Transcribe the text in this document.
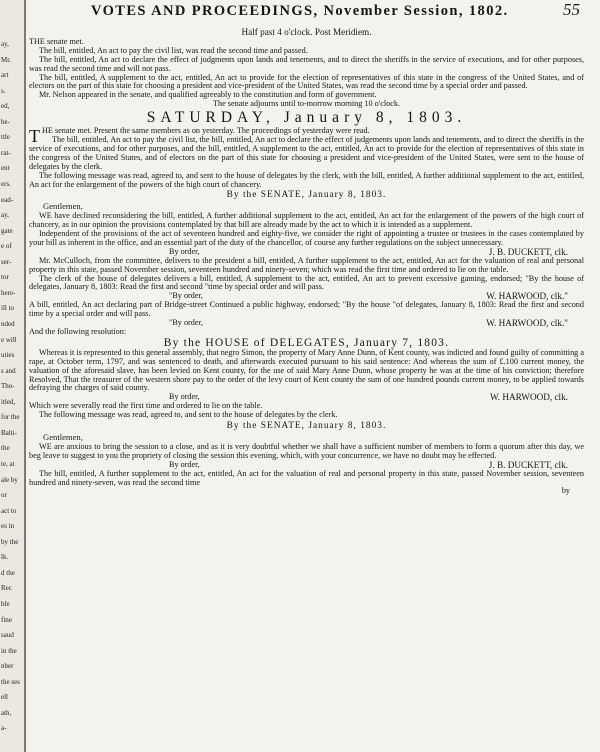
ay,
Mr.
art
s.
ed,
be-
ttle
rat-
ent
ers.
ead-
ay,
gate
e of
ser-
tor
here-
ill to
nded
e will
uties
s and
Tho-
itled,
for the
Balti-
the
te, at
ale by
or
act to
es in
by the
lk.
d the
Rec
ble
fine
saud
in the
nber
the ses
ell
ath,
a-
VOTES AND PROCEEDINGS, November Session, 1802.	55
Half past 4 o'clock. Post Meridiem.

THE senate met.

The bill, entitled, An act to pay the civil list, was read the second time and passed.

The bill, entitled, An act to declare the effect of judgments upon lands and tenements, and to direct the sheriffs in the service of executions, and for other purposes, was read the second time and will not pass.

The bill, entitled, A supplement to the act, entitled, An act to provide for the election of representatives of this state in the congress of the United States, and of electors on the part of this state for choosing a president and vice-president of the United States, was read the second time by a special order and passed.

Mr. Nelson appeared in the senate, and qualified agreeably to the constitution and form of government.

The senate adjourns until to-morrow morning 10 o'clock.

SATURDAY, January 8, 1803.

THE senate met. Present the same members as on yesterday. The proceedings of yesterday were read.

The bill, entitled, An act to pay the civil list, the bill, entitled, An act to declare the effect of judgements upon lands and tenements, and to direct the sheriffs in the service of executions, and for other purposes, and the bill, entitled, A supplement to the act, entitled, An act to provide for the election of representatives of this state in the congress of the United States, and of electors on the part of this state for choosing a president and vice-president of the United States, were sent to the house of delegates by the clerk.

The following message was read, agreed to, and sent to the house of delegates by the clerk, with the bill, entitled, A further additional supplement to the act, entitled, An act for the enlargement of the powers of the high court of chancery.

By the SENATE, January 8, 1803.
Gentlemen,

WE have declined reconsidering the bill, entitled, A further additional supplement to the act, entitled, An act for the enlargement of the powers of the high court of chancery, as in our opinion the provisions contemplated by that bill are already made by the act to which it is intended as a supplement.

Independent of the provisions of the act of seventeen hundred and eighty-five, we consider the right of appointing a trustee or trustees in the cases contemplated by your bill as inherent in the office, and an essential part of the duty of the chancellor, of course any further regulations on the subject unnecessary.

By order,	J. B. DUCKETT, clk.

Mr. McCulloch, from the committee, delivers to the president a bill, entitled, A further supplement to the act, entitled, An act for the valuation of real and personal property in this state, passed November session, seventeen hundred and ninety-seven; which was read the first time and ordered to lie on the table.

The clerk of the house of delegates delivers a bill, entitled, A supplement to the act, entitled, An act to prevent excessive gaming, endorsed; "By the house of delegates, January 8, 1803: Read the first and second "time by special order and will pass.

"By order,	W. HARWOOD, clk."

A bill, entitled, An act declaring part of Bridge-street Continued a public highway, endorsed; "By the house "of delegates, January 8, 1803: Read the first and second time by a special order and will pass.

"By order,	W. HARWOOD, clk."

And the following resolution:

By the HOUSE of DELEGATES, January 7, 1803.

Whereas it is represented to this general assembly, that negro Simon, the property of Mary Anne Dunn, of Kent county, was indicted and found guilty of committing a rape, at October term, 1797, and was sentenced to death, and afterwards executed pursuant to his said sentence: And whereas the sum of £.100 current money, the valuation of the aforesaid slave, has been levied on Kent county, for the use of said Mary Anne Dunn, whose property he was at the time of his conviction; therefore Resolved, That the treasurer of the western shore pay to the order of the levy court of Kent county the sum of one hundred pounds current money, to be applied towards defraying the charges of said county.

By order,	W. HARWOOD, clk.

Which were severally read the first time and ordered to lie on the table.

The following message was read, agreed to, and sent to the house of delegates by the clerk.

By the SENATE, January 8, 1803.
Gentlemen,

WE are anxious to bring the session to a close, and as it is very doubtful whether we shall have a sufficient number of members to form a quorum after this day, we beg leave to suggest to you the propriety of closing the session this evening, which, with your concurrence, we have no doubt may be effected.

By order,	J. B. DUCKETT, clk.

The bill, entitled, A further supplement to the act, entitled, An act for the valuation of real and personal property in this state, passed November session, seventeen hundred and ninety-seven, was read the second time

by
